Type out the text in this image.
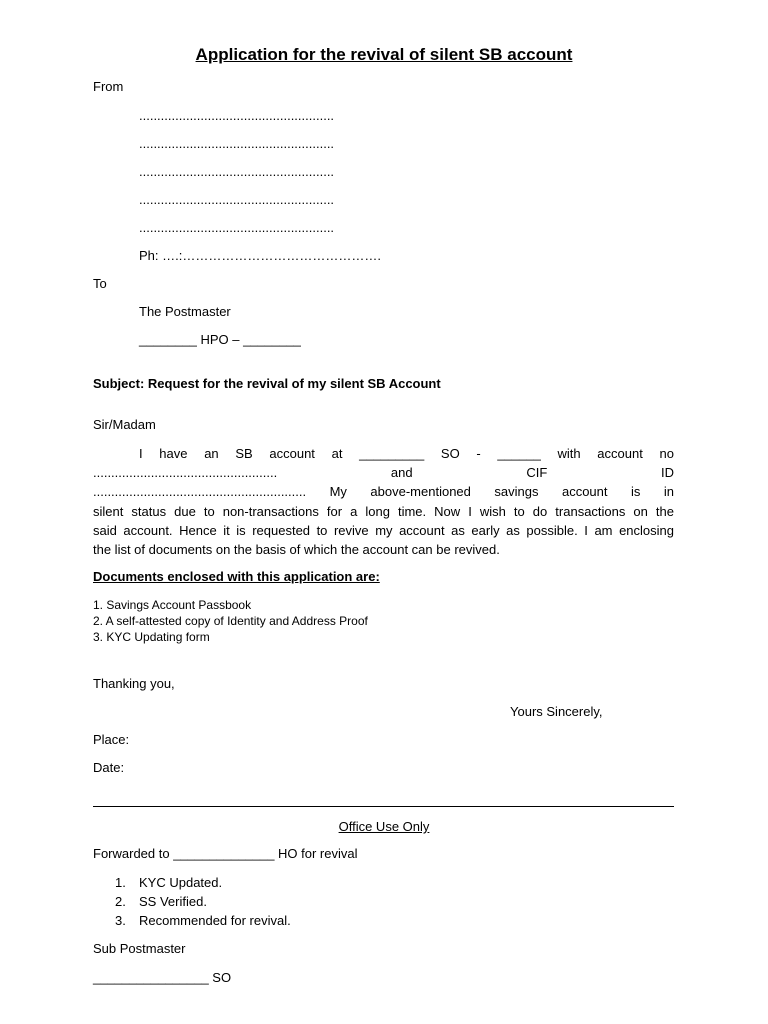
Application for the revival of silent SB account
From
......................................................
......................................................
......................................................
......................................................
......................................................
Ph: ….:……………………………………….
To
The Postmaster
________ HPO – ________
Subject: Request for the revival of my silent SB Account
Sir/Madam
I have an SB account at _________ SO - ______ with account no
................................................... and CIF ID
........................................................... My above-mentioned savings account is in
silent status due to non-transactions for a long time. Now I wish to do transactions on the
said account. Hence it is requested to revive my account as early as possible. I am enclosing
the list of documents on the basis of which the account can be revived.
Documents enclosed with this application are:
1. Savings Account Passbook
2. A self-attested copy of Identity and Address Proof
3. KYC Updating form
Thanking you,
Yours Sincerely,
Place:
Date:
Office Use Only
Forwarded to ______________ HO for revival
1. KYC Updated.
2. SS Verified.
3. Recommended for revival.
Sub Postmaster
________________ SO
